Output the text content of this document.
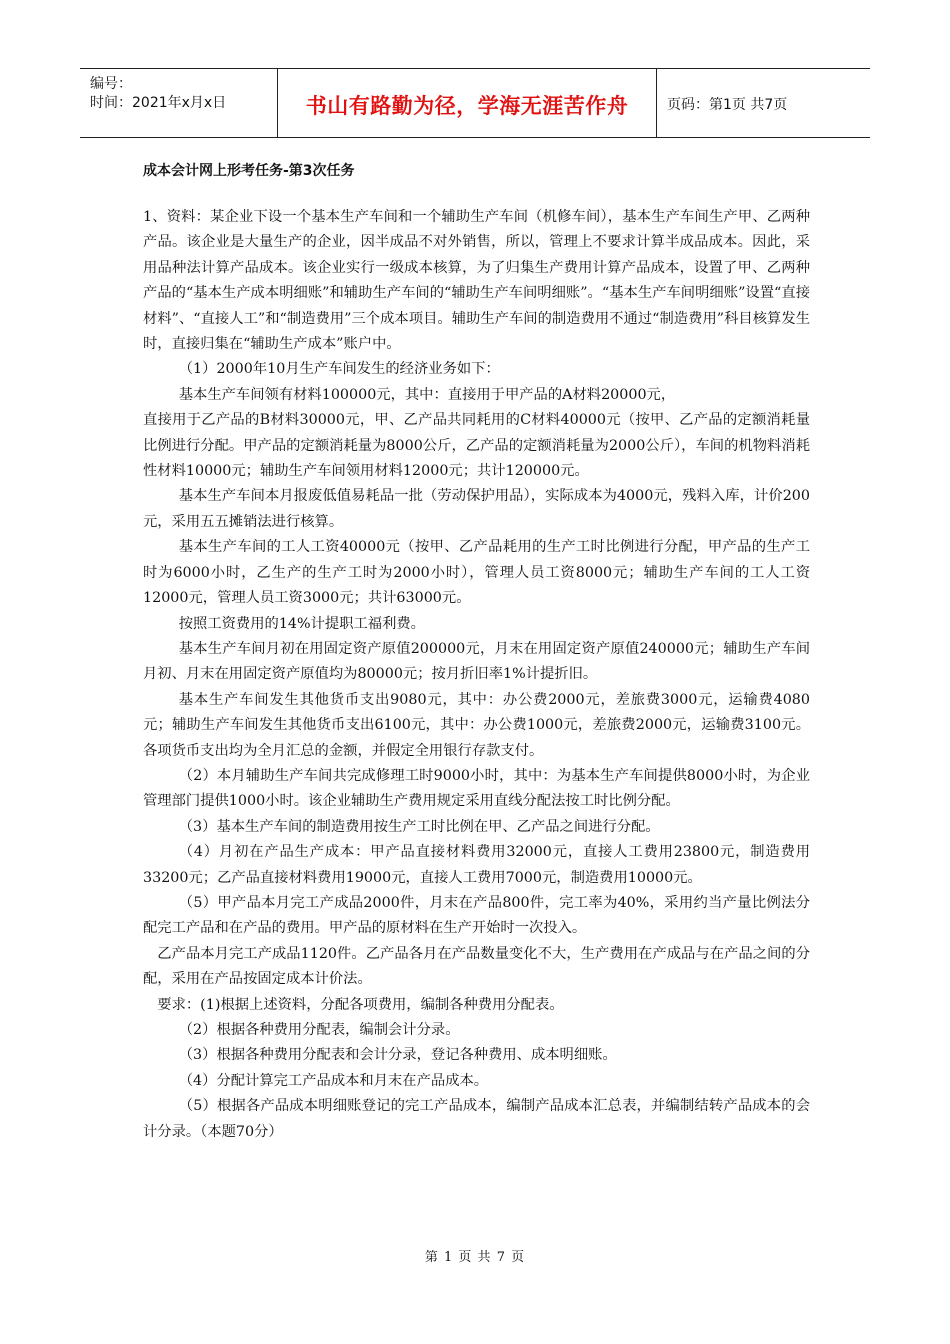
编号：
时间：2021年x月x日	书山有路勤为径，学海无涯苦作舟	页码：第1页 共7页
成本会计网上形考任务-第3次任务

1、资料：某企业下设一个基本生产车间和一个辅助生产车间（机修车间），基本生产车间生产甲、乙两种产品。该企业是大量生产的企业，因半成品不对外销售，所以，管理上不要求计算半成品成本。因此，采用品种法计算产品成本。该企业实行一级成本核算，为了归集生产费用计算产品成本，设置了甲、乙两种产品的“基本生产成本明细账”和辅助生产车间的“辅助生产车间明细账”。“基本生产车间明细账”设置“直接材料”、“直接人工”和“制造费用”三个成本项目。辅助生产车间的制造费用不通过“制造费用”科目核算发生时，直接归集在“辅助生产成本”账户中。

（1）2000年10月生产车间发生的经济业务如下：

基本生产车间领有材料100000元，其中：直接用于甲产品的A材料20000元，

直接用于乙产品的B材料30000元，甲、乙产品共同耗用的C材料40000元（按甲、乙产品的定额消耗量比例进行分配。甲产品的定额消耗量为8000公斤，乙产品的定额消耗量为2000公斤），车间的机物料消耗性材料10000元；辅助生产车间领用材料12000元；共计120000元。

基本生产车间本月报废低值易耗品一批（劳动保护用品），实际成本为4000元，残料入库，计价200元，采用五五摊销法进行核算。

基本生产车间的工人工资40000元（按甲、乙产品耗用的生产工时比例进行分配，甲产品的生产工时为6000小时，乙生产的生产工时为2000小时），管理人员工资8000元；辅助生产车间的工人工资12000元，管理人员工资3000元；共计63000元。

按照工资费用的14%计提职工福利费。

基本生产车间月初在用固定资产原值200000元，月末在用固定资产原值240000元；辅助生产车间月初、月末在用固定资产原值均为80000元；按月折旧率1%计提折旧。

基本生产车间发生其他货币支出9080元，其中：办公费2000元，差旅费3000元，运输费4080元；辅助生产车间发生其他货币支出6100元，其中：办公费1000元，差旅费2000元，运输费3100元。各项货币支出均为全月汇总的金额，并假定全用银行存款支付。

（2）本月辅助生产车间共完成修理工时9000小时，其中：为基本生产车间提供8000小时，为企业管理部门提供1000小时。该企业辅助生产费用规定采用直线分配法按工时比例分配。

（3）基本生产车间的制造费用按生产工时比例在甲、乙产品之间进行分配。

（4）月初在产品生产成本：甲产品直接材料费用32000元，直接人工费用23800元，制造费用33200元；乙产品直接材料费用19000元，直接人工费用7000元，制造费用10000元。

（5）甲产品本月完工产成品2000件，月末在产品800件，完工率为40%，采用约当产量比例法分配完工产品和在产品的费用。甲产品的原材料在生产开始时一次投入。

乙产品本月完工产成品1120件。乙产品各月在产品数量变化不大，生产费用在产成品与在产品之间的分配，采用在产品按固定成本计价法。

要求：(1)根据上述资料，分配各项费用，编制各种费用分配表。

（2）根据各种费用分配表，编制会计分录。

（3）根据各种费用分配表和会计分录，登记各种费用、成本明细账。

（4）分配计算完工产品成本和月末在产品成本。

（5）根据各产品成本明细账登记的完工产品成本，编制产品成本汇总表，并编制结转产品成本的会计分录。（本题70分）

第 1 页 共 7 页
